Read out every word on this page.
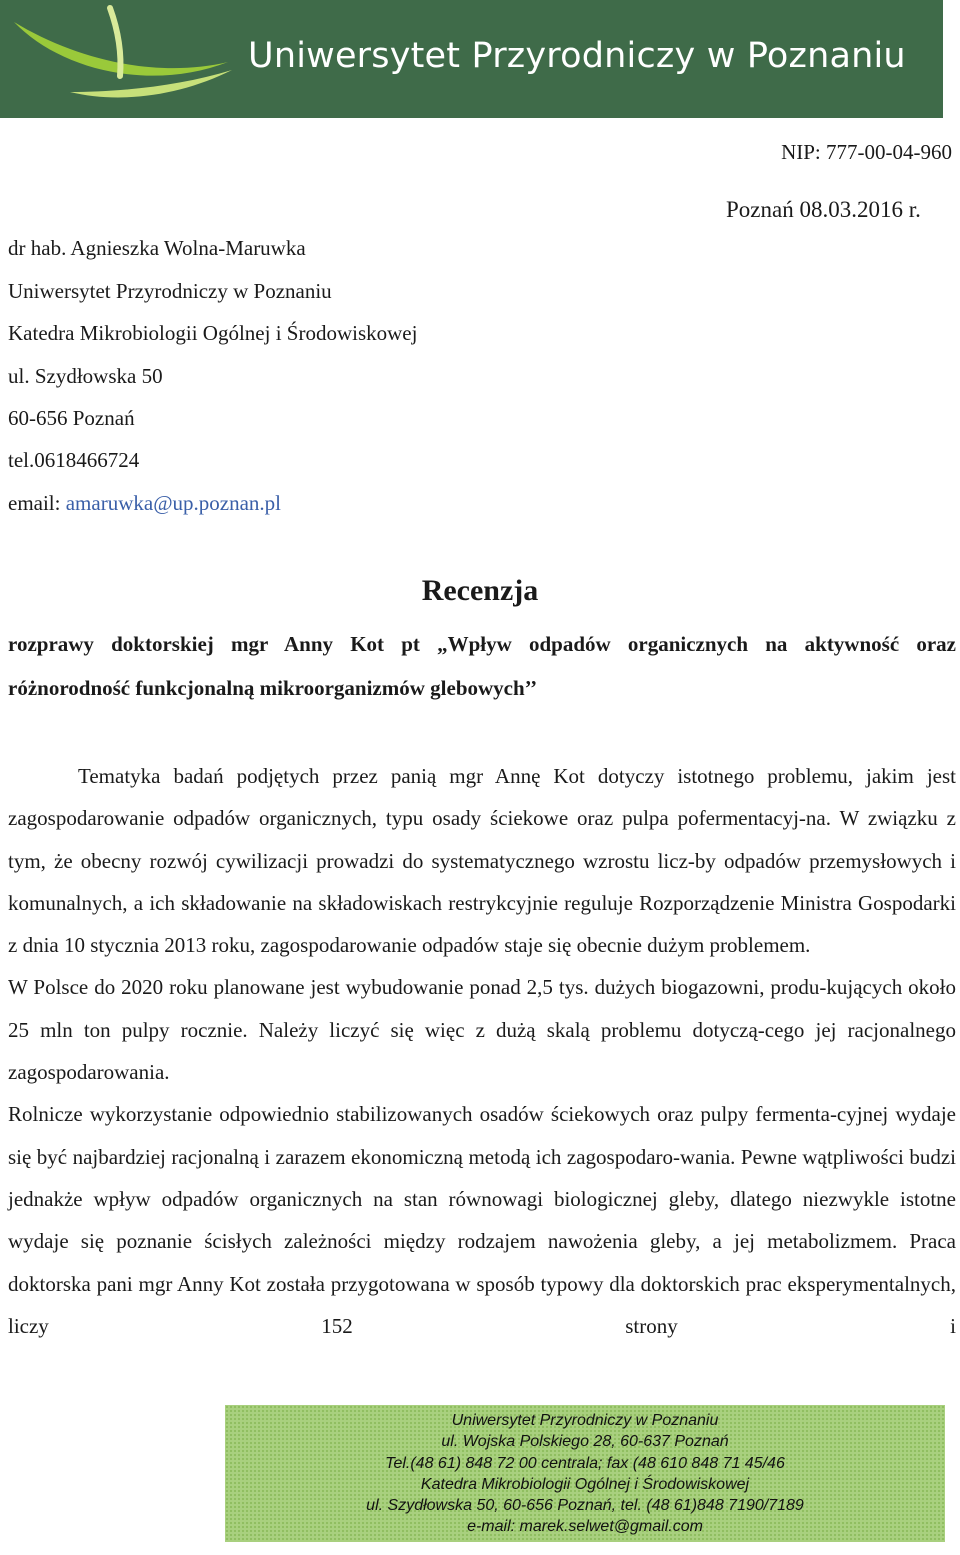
Uniwersytet Przyrodniczy w Poznaniu
NIP: 777-00-04-960
Poznań 08.03.2016 r.
dr hab. Agnieszka Wolna-Maruwka
Uniwersytet Przyrodniczy w Poznaniu
Katedra Mikrobiologii Ogólnej i Środowiskowej
ul. Szydłowska 50
60-656 Poznań
tel.0618466724
email: amaruwka@up.poznan.pl
Recenzja
rozprawy doktorskiej mgr Anny Kot pt „Wpływ odpadów organicznych na aktywność oraz
różnorodność funkcjonalną mikroorganizmów glebowych’’

Tematyka badań podjętych przez panią mgr Annę Kot dotyczy istotnego problemu, jakim jest zagospodarowanie odpadów organicznych, typu osady ściekowe oraz pulpa pofermentacyj-na. W związku z tym, że obecny rozwój cywilizacji prowadzi do systematycznego wzrostu licz-by odpadów przemysłowych i komunalnych, a ich składowanie na składowiskach restrykcyjnie reguluje Rozporządzenie Ministra Gospodarki z dnia 10 stycznia 2013 roku, zagospodarowanie odpadów staje się obecnie dużym problemem.

W Polsce do 2020 roku planowane jest wybudowanie ponad 2,5 tys. dużych biogazowni, produ-kujących około 25 mln ton pulpy rocznie. Należy liczyć się więc z dużą skalą problemu dotyczą-cego jej racjonalnego zagospodarowania.

Rolnicze wykorzystanie odpowiednio stabilizowanych osadów ściekowych oraz pulpy fermenta-cyjnej wydaje się być najbardziej racjonalną i zarazem ekonomiczną metodą ich zagospodaro-wania. Pewne wątpliwości budzi jednakże wpływ odpadów organicznych na stan równowagi biologicznej gleby, dlatego niezwykle istotne wydaje się poznanie ścisłych zależności między rodzajem nawożenia gleby, a jej metabolizmem. Praca doktorska pani mgr Anny Kot została przygotowana w sposób typowy dla doktorskich prac eksperymentalnych, liczy 152 strony i

Uniwersytet Przyrodniczy w Poznaniu
ul. Wojska Polskiego 28, 60-637 Poznań
Tel.(48 61) 848 72 00 centrala; fax (48 610 848 71 45/46
Katedra Mikrobiologii Ogólnej i Środowiskowej
ul. Szydłowska 50, 60-656 Poznań, tel. (48 61)848 7190/7189
e-mail: marek.selwet@gmail.com
